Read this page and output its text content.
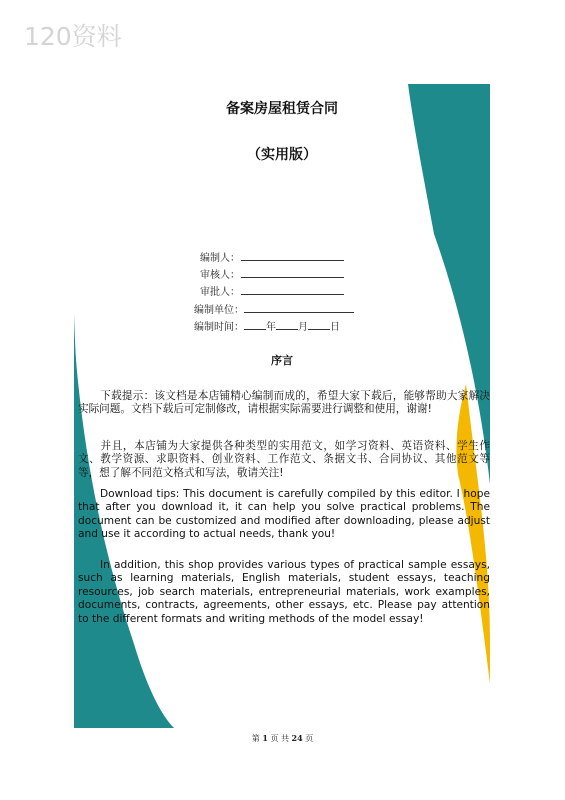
120资料
备案房屋租赁合同
（实用版）
编制人：
审核人：
审批人：
编制单位：
编制时间： 年 月 日
序言
下载提示：该文档是本店铺精心编制而成的，希望大家下载后，能够帮助大家解决实际问题。文档下载后可定制修改，请根据实际需要进行调整和使用，谢谢!
并且，本店铺为大家提供各种类型的实用范文，如学习资料、英语资料、学生作文、教学资源、求职资料、创业资料、工作范文、条据文书、合同协议、其他范文等等，想了解不同范文格式和写法，敬请关注!
Download tips: This document is carefully compiled by this editor. I hope that after you download it, it can help you solve practical problems. The document can be customized and modified after downloading, please adjust and use it according to actual needs, thank you!
In addition, this shop provides various types of practical sample essays, such as learning materials, English materials, student essays, teaching resources, job search materials, entrepreneurial materials, work examples, documents, contracts, agreements, other essays, etc. Please pay attention to the different formats and writing methods of the model essay!
第 1 页 共 24 页
